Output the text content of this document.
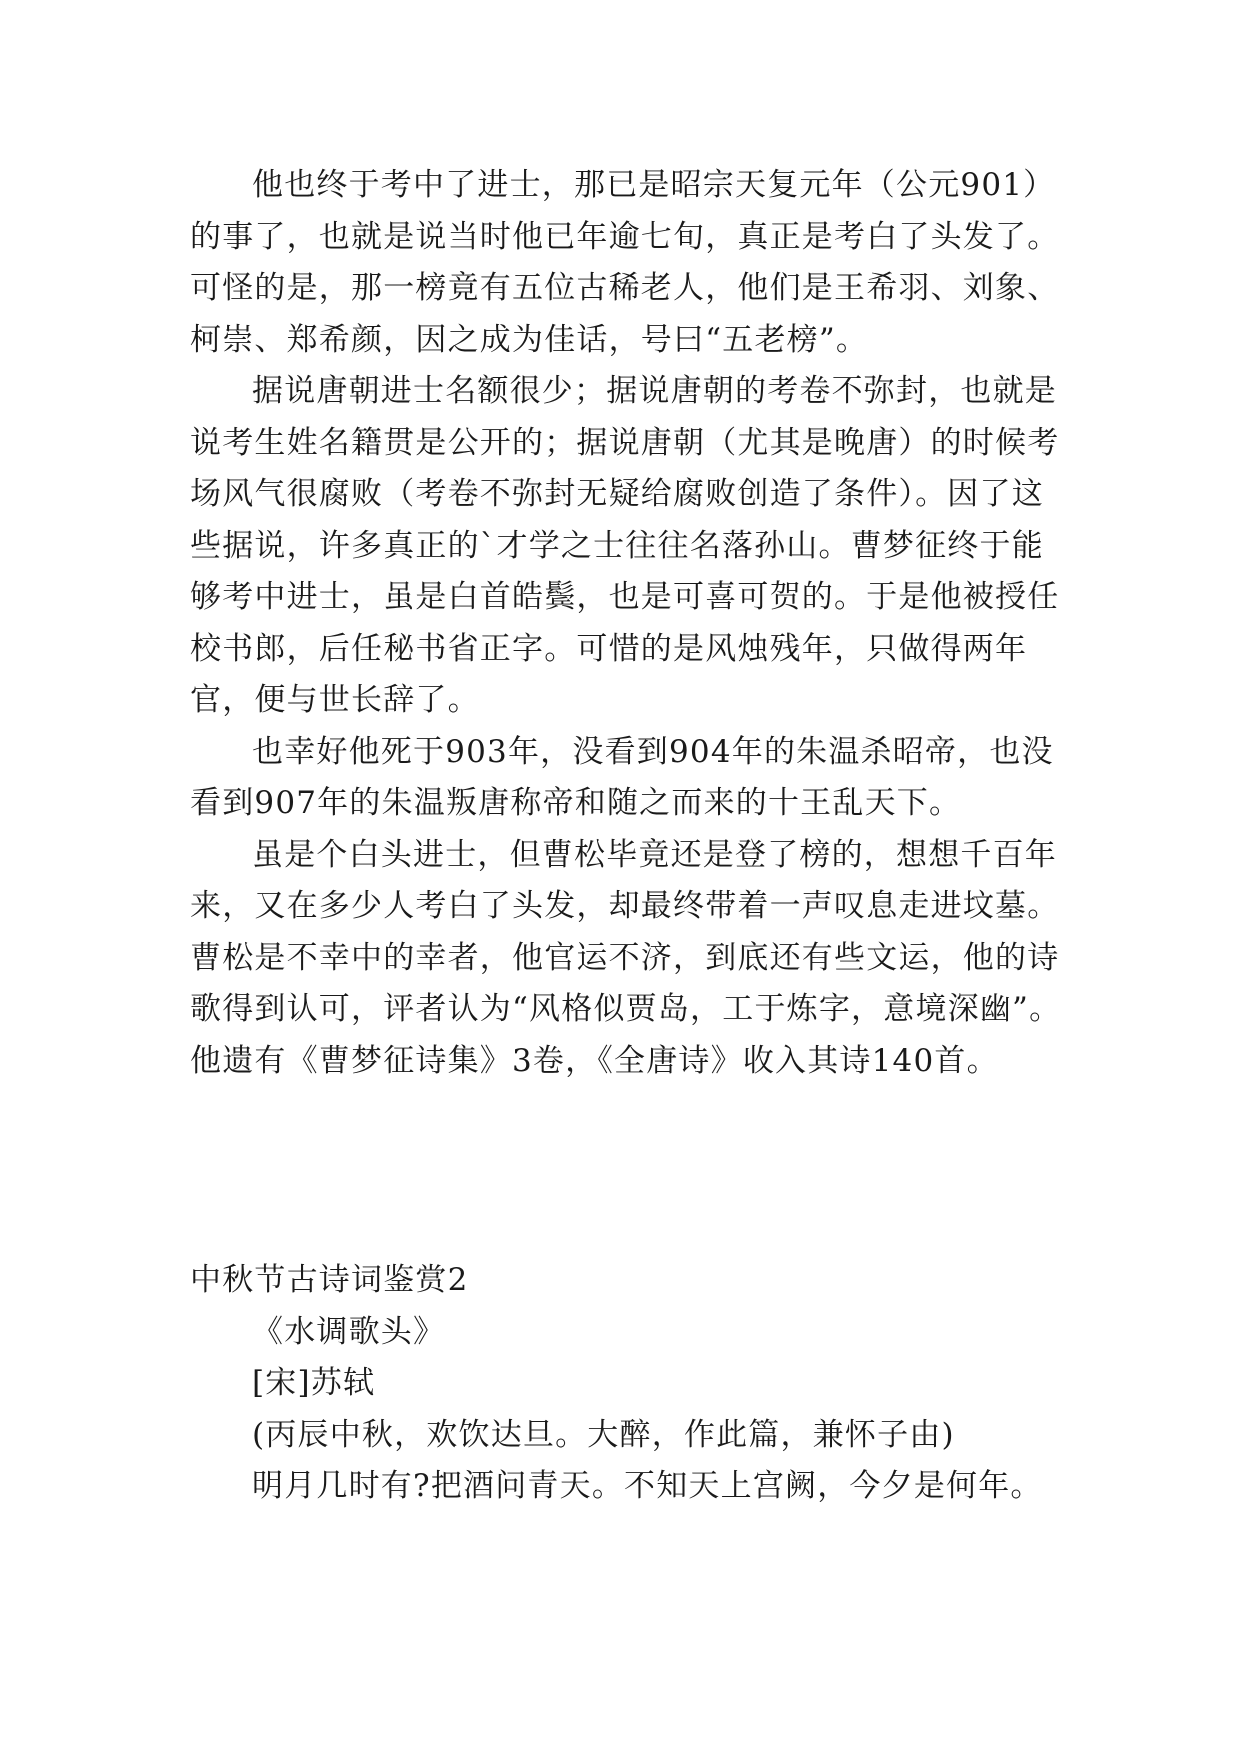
他也终于考中了进士，那已是昭宗天复元年（公元901）的事了，也就是说当时他已年逾七旬，真正是考白了头发了。可怪的是，那一榜竟有五位古稀老人，他们是王希羽、刘象、柯崇、郑希颜，因之成为佳话，号曰“五老榜”。

据说唐朝进士名额很少；据说唐朝的考卷不弥封，也就是说考生姓名籍贯是公开的；据说唐朝（尤其是晚唐）的时候考场风气很腐败（考卷不弥封无疑给腐败创造了条件）。因了这些据说，许多真正的`才学之士往往名落孙山。曹梦征终于能够考中进士，虽是白首皓鬓，也是可喜可贺的。于是他被授任校书郎，后任秘书省正字。可惜的是风烛残年，只做得两年官，便与世长辞了。

也幸好他死于903年，没看到904年的朱温杀昭帝，也没看到907年的朱温叛唐称帝和随之而来的十王乱天下。

虽是个白头进士，但曹松毕竟还是登了榜的，想想千百年来，又在多少人考白了头发，却最终带着一声叹息走进坟墓。曹松是不幸中的幸者，他官运不济，到底还有些文运，他的诗歌得到认可，评者认为“风格似贾岛，工于炼字，意境深幽”。他遗有《曹梦征诗集》3卷，《全唐诗》收入其诗140首。

中秋节古诗词鉴赏2

《水调歌头》

[宋]苏轼

(丙辰中秋，欢饮达旦。大醉，作此篇，兼怀子由)

明月几时有?把酒问青天。不知天上宫阙，今夕是何年。
